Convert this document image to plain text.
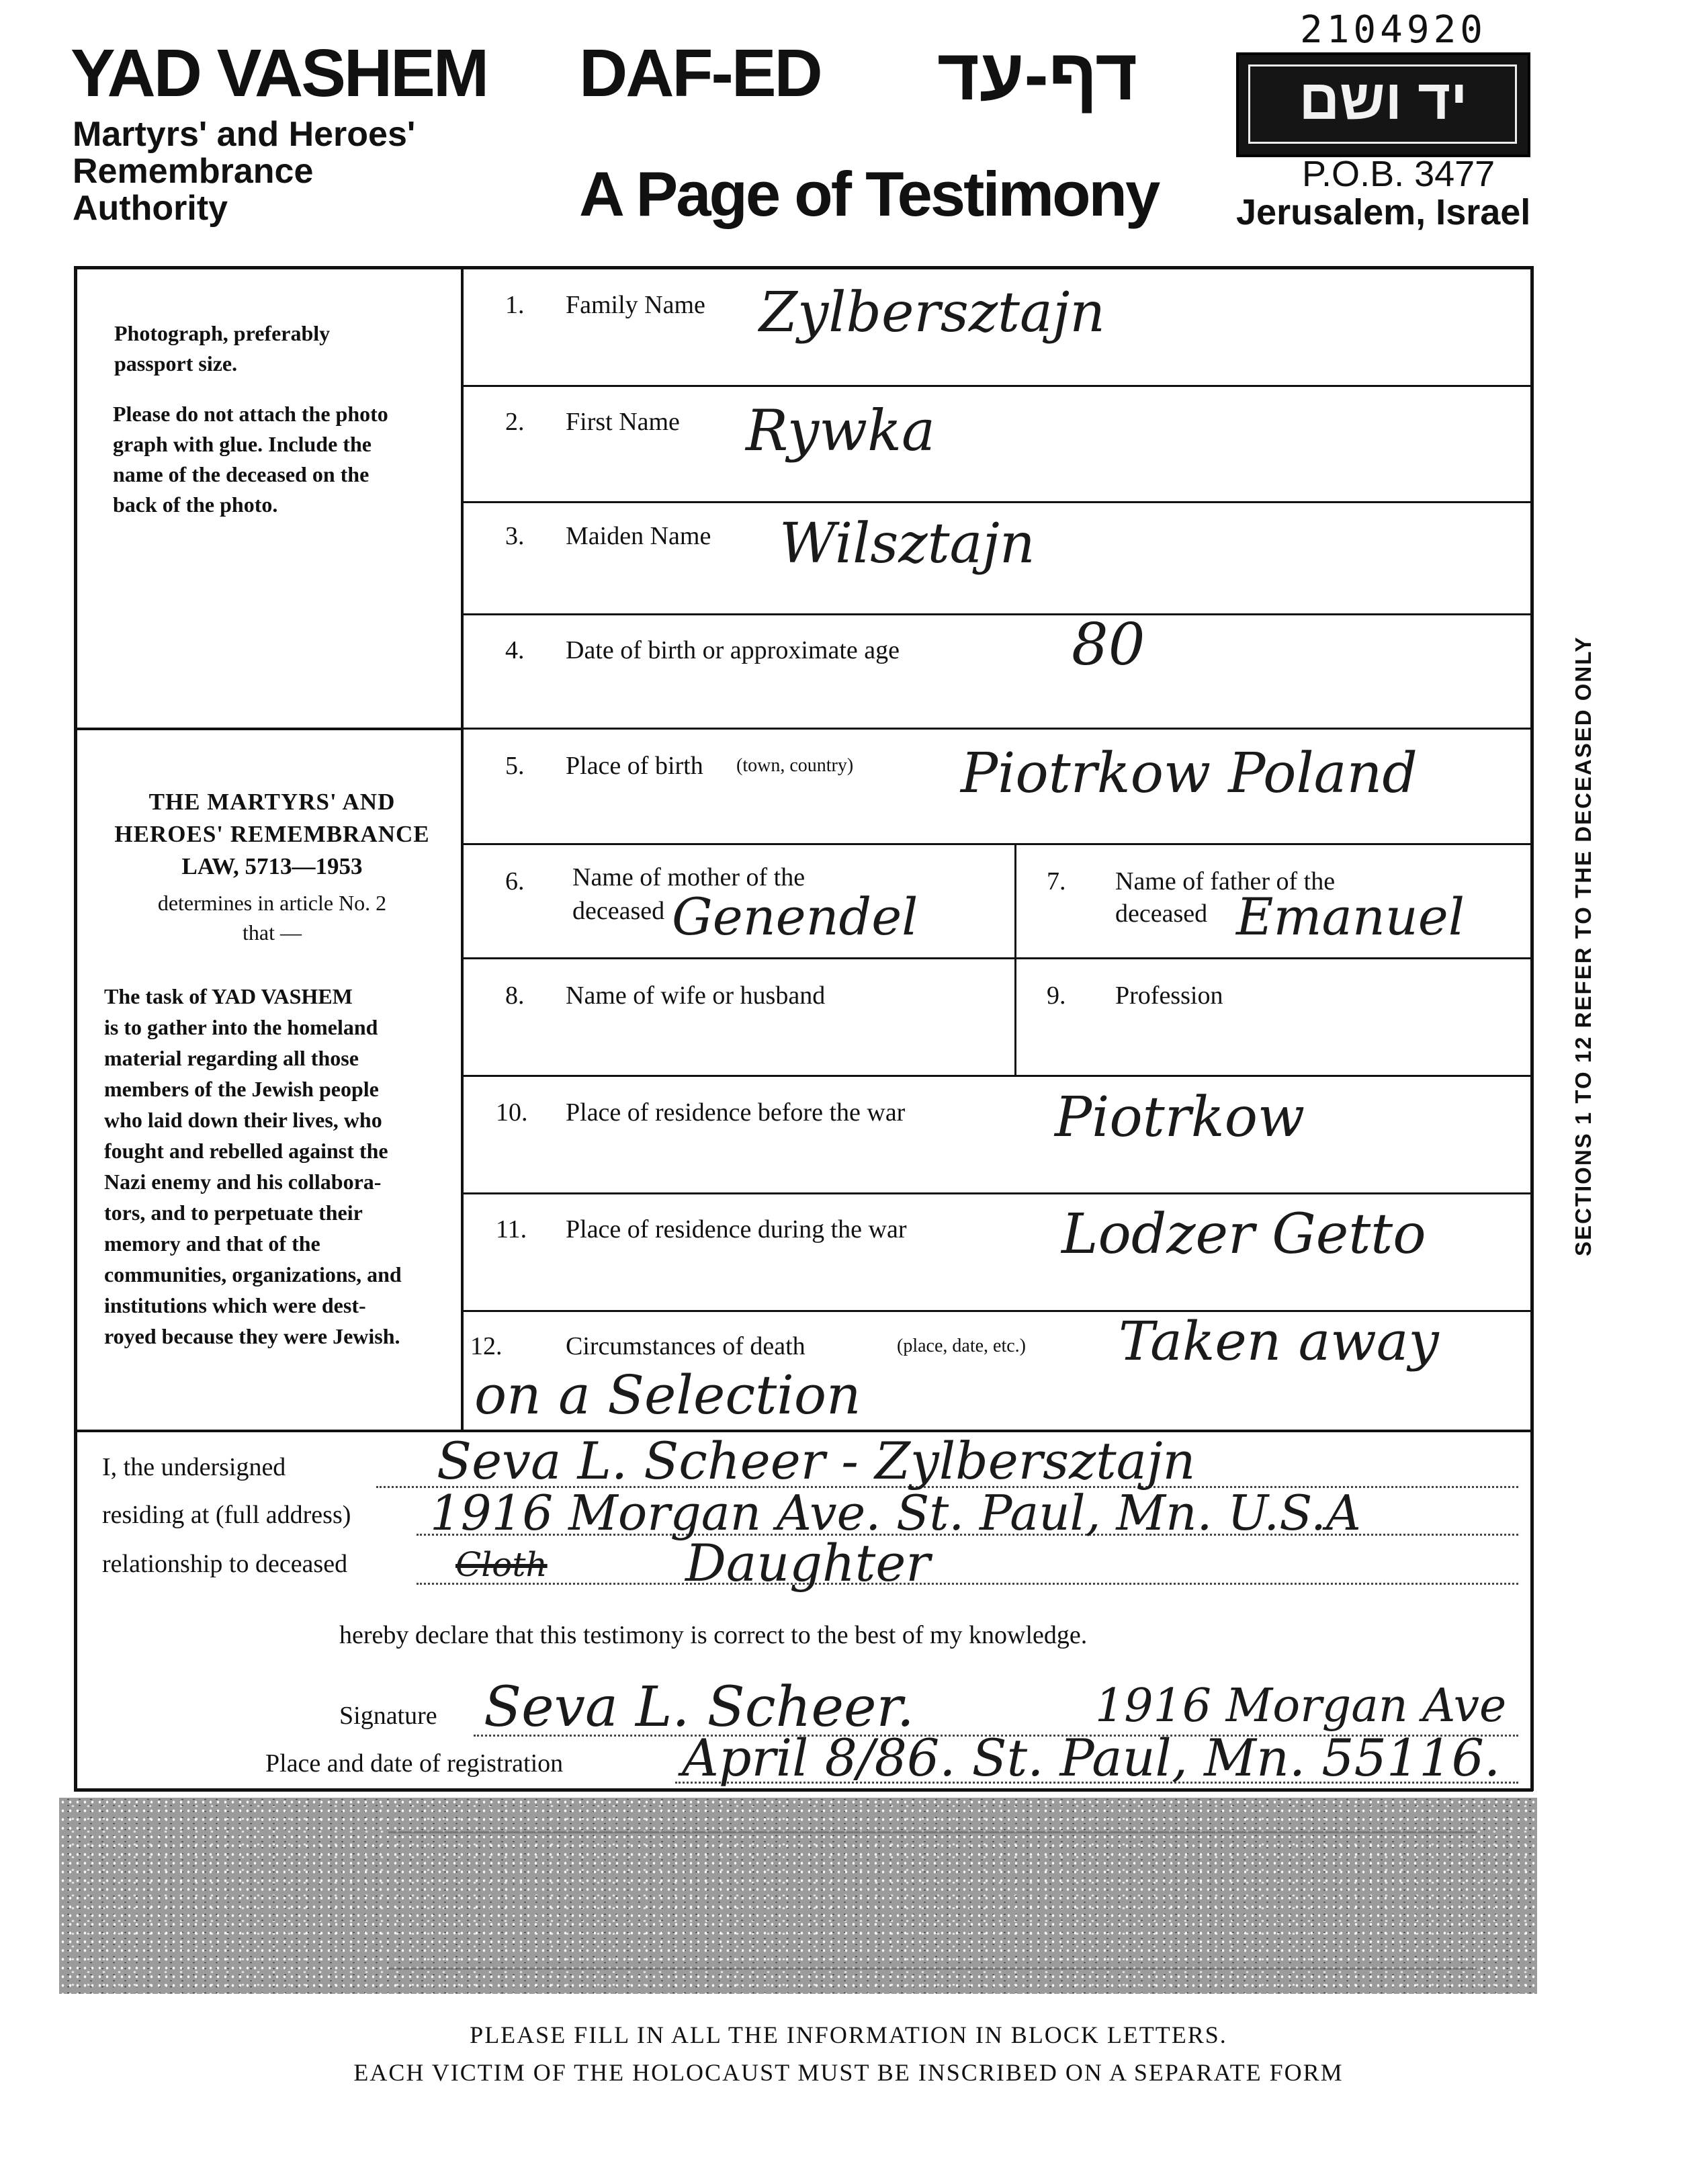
2104920
YAD VASHEM
Martyrs' and Heroes'
Remembrance
Authority
DAF-ED דף-עד
A Page of Testimony
יד ושם
P.O.B. 3477
Jerusalem, Israel
Photograph, preferably
passport size.
Please do not attach the photo
graph with glue. Include the
name of the deceased on the
back of the photo.
THE MARTYRS' AND
HEROES' REMEMBRANCE
LAW, 5713—1953
determines in article No. 2
that —
The task of YAD VASHEM
is to gather into the homeland
material regarding all those
members of the Jewish people
who laid down their lives, who
fought and rebelled against the
Nazi enemy and his collabora-
tors, and to perpetuate their
memory and that of the
communities, organizations, and
institutions which were dest-
royed because they were Jewish.
1. Family Name Zylbersztajn
2. First Name Rywka
3. Maiden Name Wilsztajn
4. Date of birth or approximate age	80
5. Place of birth (town, country) Piotrkow Poland
6. Name of mother of the
deceased Genendel
7. Name of father of the
deceased Emanuel
8. Name of wife or husband	9. Profession
10. Place of residence before the war	Piotrkow
11. Place of residence during the war	Lodzer Getto
12. Circumstances of death	(place, date, etc.) Taken away
on a Selection
SECTIONS 1 TO 12 REFER TO THE DECEASED ONLY
I, the undersigned	Seva L. Scheer - Zylbersztajn
residing at (full address) 1916 Morgan Ave. St. Paul, Mn. U.S.A
relationship to deceased	Cloth	Daughter
hereby declare that this testimony is correct to the best of my knowledge.
Signature Seva L. Scheer.	1916 Morgan Ave
Place and date of registration April 8/86. St. Paul, Mn. 55116.
PLEASE FILL IN ALL THE INFORMATION IN BLOCK LETTERS.
EACH VICTIM OF THE HOLOCAUST MUST BE INSCRIBED ON A SEPARATE FORM
